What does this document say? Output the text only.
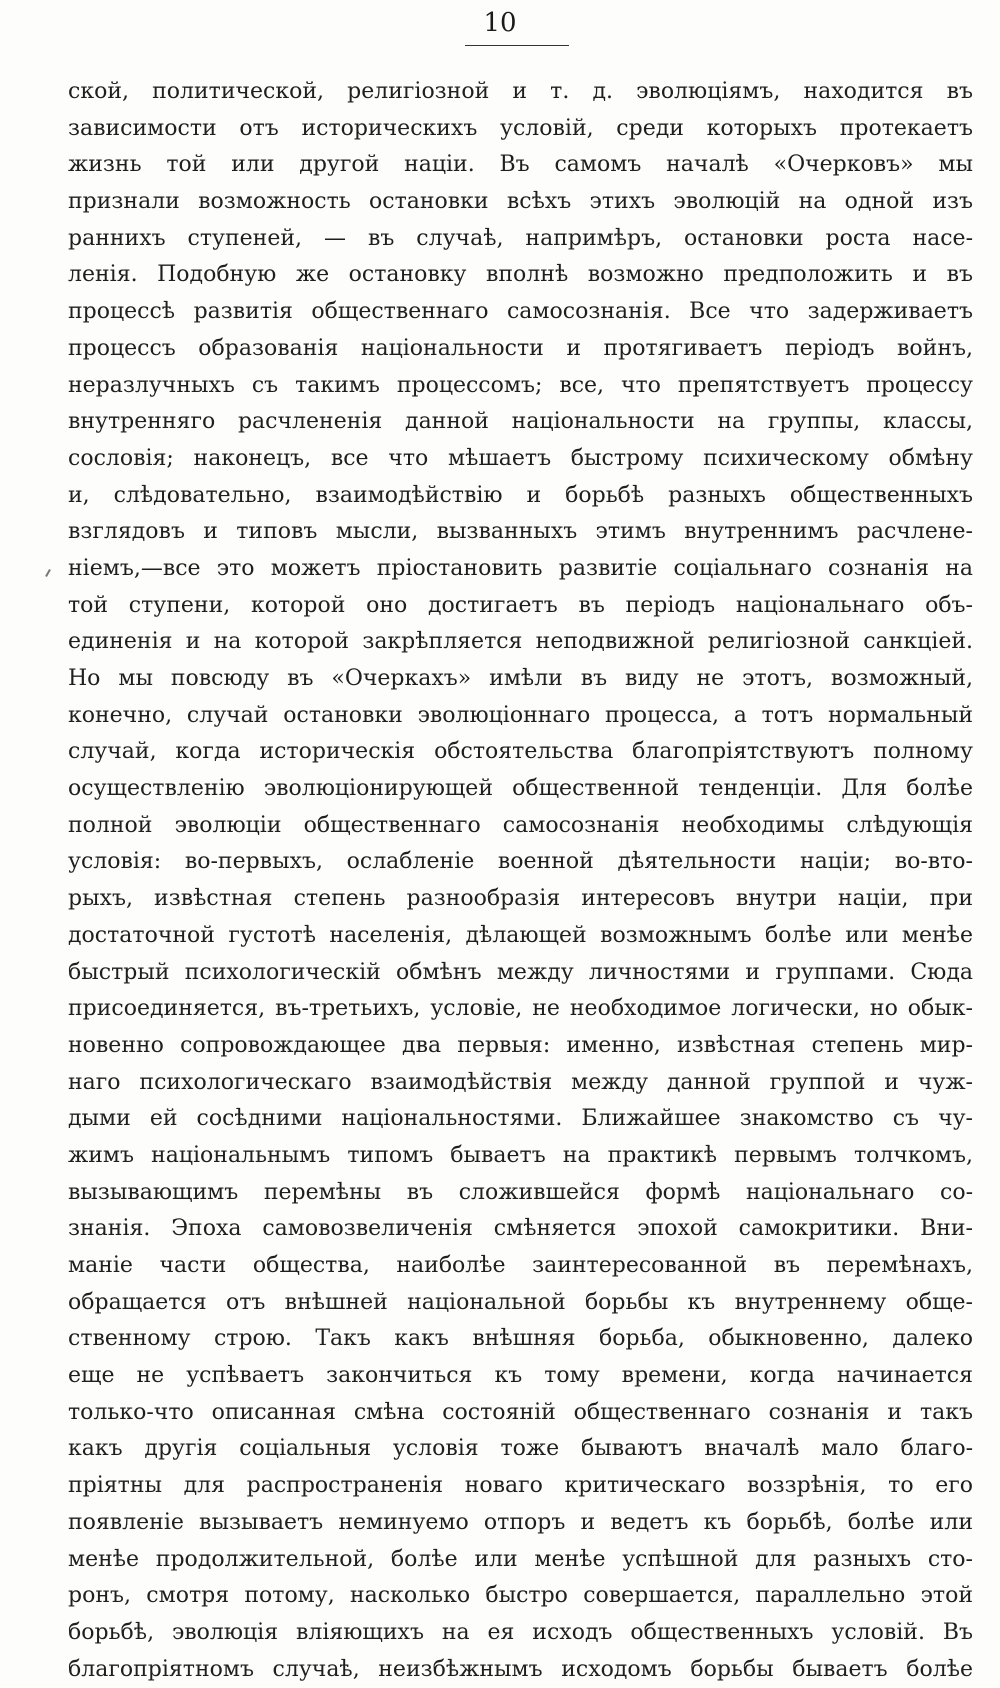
10
ской, политической, религіозной и т. д. эволюціямъ, находится въ
зависимости отъ историческихъ условій, среди которыхъ протекаетъ
жизнь той или другой націи. Въ самомъ началѣ «Очерковъ» мы
признали возможность остановки всѣхъ этихъ эволюцій на одной изъ
раннихъ ступеней, — въ случаѣ, напримѣръ, остановки роста насе-
ленія. Подобную же остановку вполнѣ возможно предположить и въ
процессѣ развитія общественнаго самосознанія. Все что задерживаетъ
процессъ образованія національности и протягиваетъ періодъ войнъ,
неразлучныхъ съ такимъ процессомъ; все, что препятствуетъ процессу
внутренняго расчлененія данной національности на группы, классы,
сословія; наконецъ, все что мѣшаетъ быстрому психическому обмѣну
и, слѣдовательно, взаимодѣйствію и борьбѣ разныхъ общественныхъ
взглядовъ и типовъ мысли, вызванныхъ этимъ внутреннимъ расчлене-
ніемъ,—все это можетъ пріостановить развитіе соціальнаго сознанія на
той ступени, которой оно достигаетъ въ періодъ національнаго объ-
единенія и на которой закрѣпляется неподвижной религіозной санкціей.
Но мы повсюду въ «Очеркахъ» имѣли въ виду не этотъ, возможный,
конечно, случай остановки эволюціоннаго процесса, а тотъ нормальный
случай, когда историческія обстоятельства благопріятствуютъ полному
осуществленію эволюціонирующей общественной тенденціи. Для болѣе
полной эволюціи общественнаго самосознанія необходимы слѣдующія
условія: во-первыхъ, ослабленіе военной дѣятельности націи; во-вто-
рыхъ, извѣстная степень разнообразія интересовъ внутри націи, при
достаточной густотѣ населенія, дѣлающей возможнымъ болѣе или менѣе
быстрый психологическій обмѣнъ между личностями и группами. Сюда
присоединяется, въ-третьихъ, условіе, не необходимое логически, но обык-
новенно сопровождающее два первыя: именно, извѣстная степень мир-
наго психологическаго взаимодѣйствія между данной группой и чуж-
дыми ей сосѣдними національностями. Ближайшее знакомство съ чу-
жимъ національнымъ типомъ бываетъ на практикѣ первымъ толчкомъ,
вызывающимъ перемѣны въ сложившейся формѣ національнаго со-
знанія. Эпоха самовозвеличенія смѣняется эпохой самокритики. Вни-
маніе части общества, наиболѣе заинтересованной въ перемѣнахъ,
обращается отъ внѣшней національной борьбы къ внутреннему обще-
ственному строю. Такъ какъ внѣшняя борьба, обыкновенно, далеко
еще не успѣваетъ закончиться къ тому времени, когда начинается
только-что описанная смѣна состояній общественнаго сознанія и такъ
какъ другія соціальныя условія тоже бываютъ вначалѣ мало благо-
пріятны для распространенія новаго критическаго воззрѣнія, то его
появленіе вызываетъ неминуемо отпоръ и ведетъ къ борьбѣ, болѣе или
менѣе продолжительной, болѣе или менѣе успѣшной для разныхъ сто-
ронъ, смотря потому, насколько быстро совершается, параллельно этой
борьбѣ, эволюція вліяющихъ на ея исходъ общественныхъ условій. Въ
благопріятномъ случаѣ, неизбѣжнымъ исходомъ борьбы бываетъ болѣе
